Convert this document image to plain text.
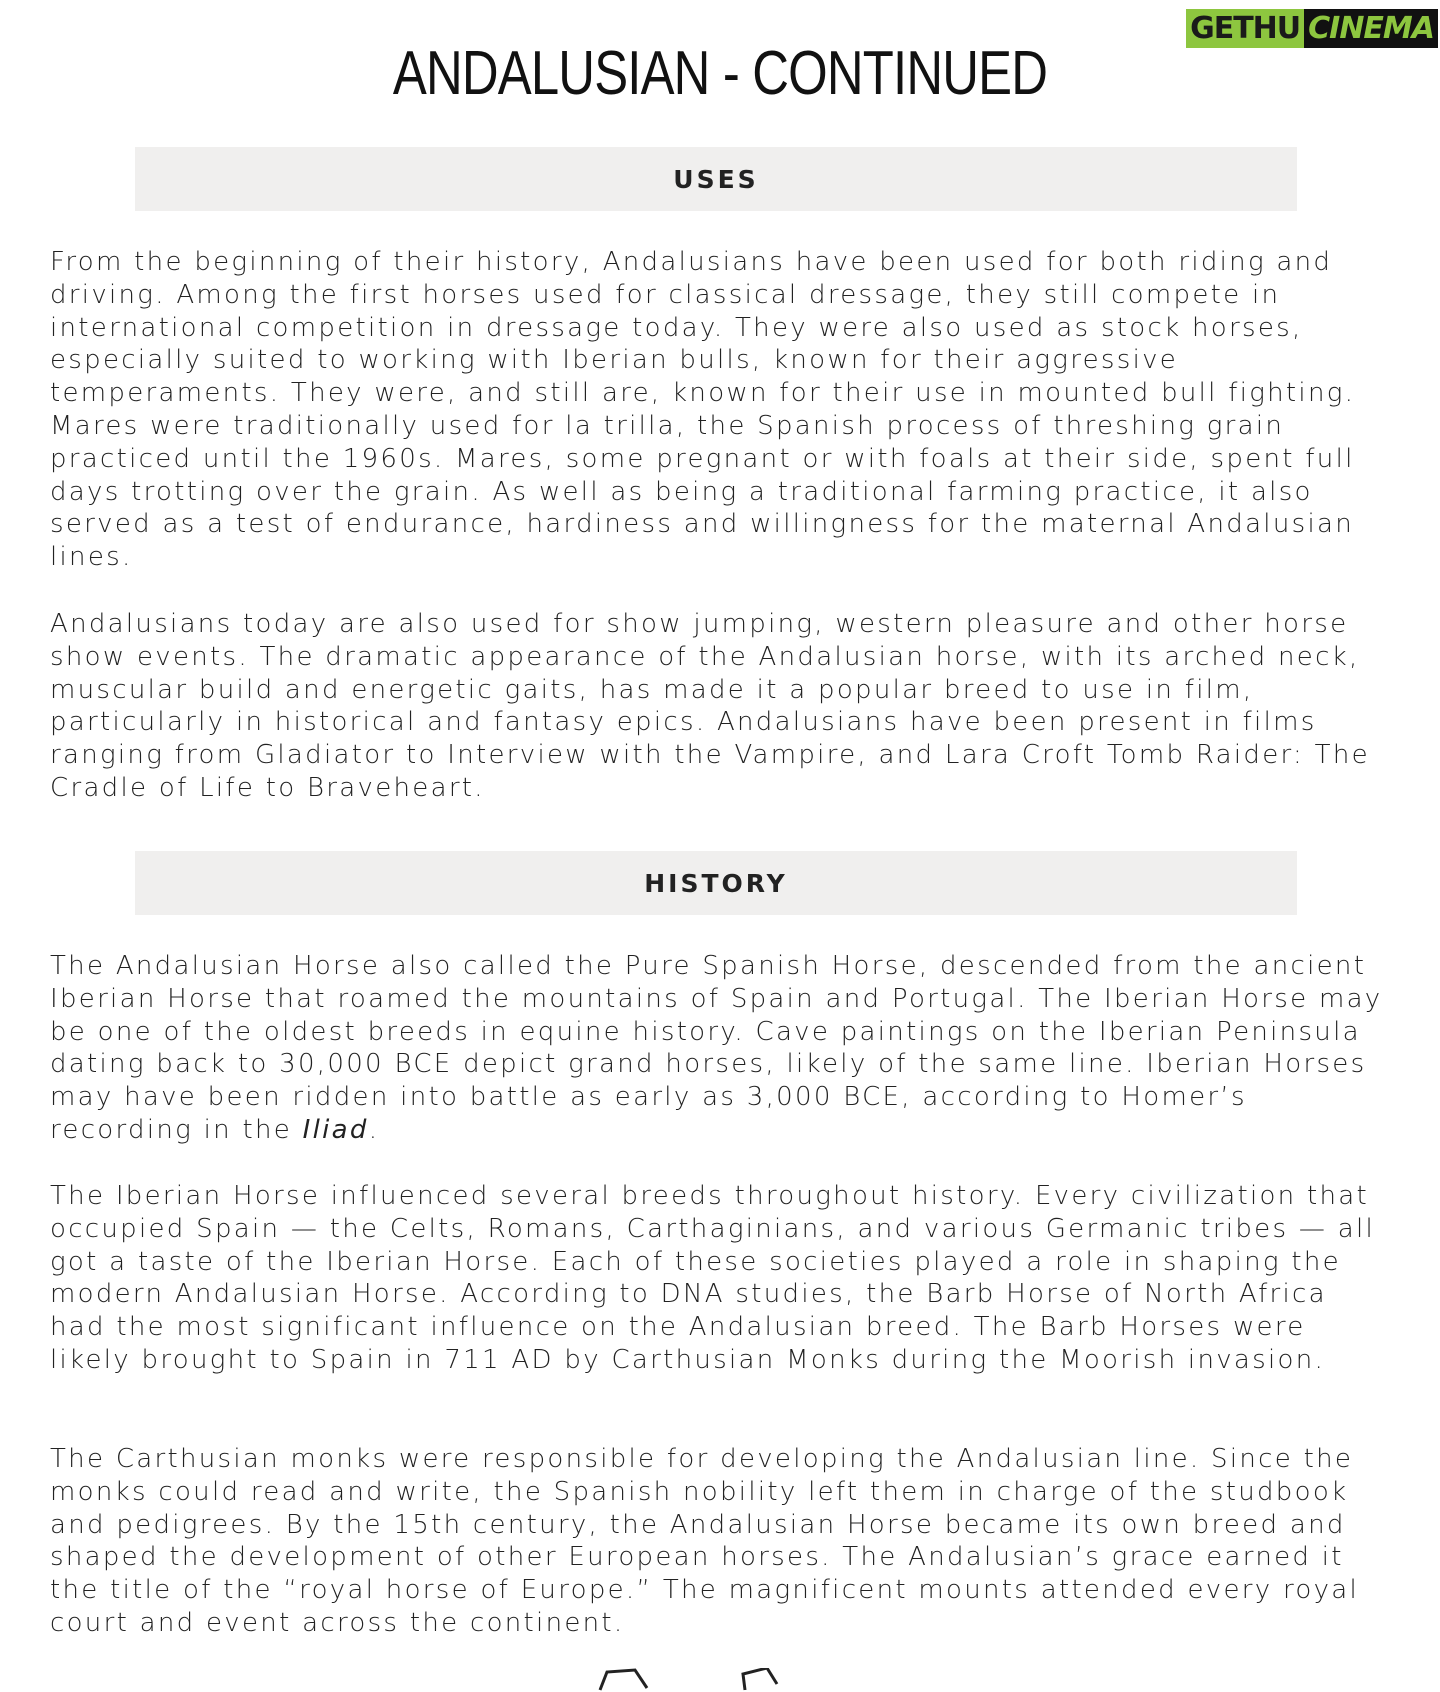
GETHU CINEMA
ANDALUSIAN - CONTINUED
USES

From the beginning of their history, Andalusians have been used for both riding and driving. Among the first horses used for classical dressage, they still compete in international competition in dressage today. They were also used as stock horses, especially suited to working with Iberian bulls, known for their aggressive temperaments. They were, and still are, known for their use in mounted bull fighting. Mares were traditionally used for la trilla, the Spanish process of threshing grain practiced until the 1960s. Mares, some pregnant or with foals at their side, spent full days trotting over the grain. As well as being a traditional farming practice, it also served as a test of endurance, hardiness and willingness for the maternal Andalusian lines.

Andalusians today are also used for show jumping, western pleasure and other horse show events. The dramatic appearance of the Andalusian horse, with its arched neck, muscular build and energetic gaits, has made it a popular breed to use in film, particularly in historical and fantasy epics. Andalusians have been present in films ranging from Gladiator to Interview with the Vampire, and Lara Croft Tomb Raider: The Cradle of Life to Braveheart.

HISTORY

The Andalusian Horse also called the Pure Spanish Horse, descended from the ancient Iberian Horse that roamed the mountains of Spain and Portugal. The Iberian Horse may be one of the oldest breeds in equine history. Cave paintings on the Iberian Peninsula dating back to 30,000 BCE depict grand horses, likely of the same line. Iberian Horses may have been ridden into battle as early as 3,000 BCE, according to Homer’s recording in the Iliad.

The Iberian Horse influenced several breeds throughout history. Every civilization that occupied Spain — the Celts, Romans, Carthaginians, and various Germanic tribes — all got a taste of the Iberian Horse. Each of these societies played a role in shaping the modern Andalusian Horse. According to DNA studies, the Barb Horse of North Africa had the most significant influence on the Andalusian breed. The Barb Horses were likely brought to Spain in 711 AD by Carthusian Monks during the Moorish invasion.

The Carthusian monks were responsible for developing the Andalusian line. Since the monks could read and write, the Spanish nobility left them in charge of the studbook and pedigrees. By the 15th century, the Andalusian Horse became its own breed and shaped the development of other European horses. The Andalusian’s grace earned it the title of the “royal horse of Europe.” The magnificent mounts attended every royal court and event across the continent.
